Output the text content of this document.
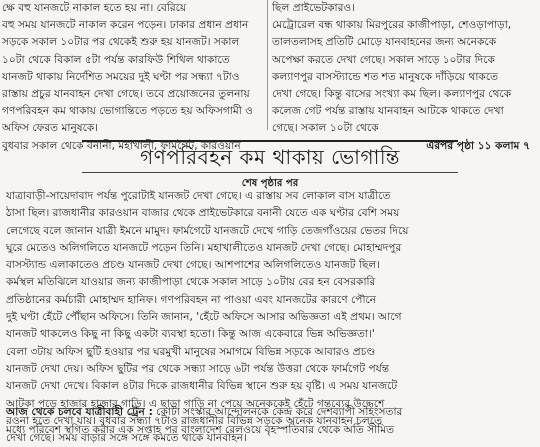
ক্ষে বহু যানজটে নাকাল হতে হয় না। বেরিয়ে

বহু সময় যানজটে নাকাল করেন পড়েন। ঢাকার প্রধান প্রধান

সড়কে সকাল ১০টার পর থেকেই শুরু হয় যানজট। সকাল

১০টা থেকে বিকাল ৫টা পর্যন্ত কারফিউ শিথিল থাকাতে

যানজট থাকায় নির্দেশিত সময়ের দুই ঘণ্টা পর সন্ধ্যা ৭টাও

রাস্তায় প্রচুর যানবাহন দেখা গেছে। তবে প্রয়োজনের তুলনায়

গণপরিবহন কম থাকায় ভোগান্তিতে পড়তে হয় অফিসগামী ও

অফিস ফেরত মানুষকে।

বুধবার সকাল থেকে বনানী, মহাখালী, ফার্মগেট, কারওয়ান

ছিল প্রাইভেটকারও।

মেট্রোরেল বন্ধ থাকায় মিরপুরের কাজীপাড়া, শেওড়াপাড়া,

তালতলাসহ প্রতিটি মোড়ে যানবাহনের জন্য অনেককে

অপেক্ষা করতে দেখা গেছে। সকাল সাড়ে ১০টার দিকে

কল্যাণপুর বাসস্ট্যান্ডে শত শত মানুষকে দাঁড়িয়ে থাকতে

দেখা গেছে। কিন্তু বাসের সংখ্যা কম ছিল। কল্যাণপুর থেকে

কলেজ গেট পর্যন্ত রাস্তায় যানবাহন আটকে থাকতে দেখা

গেছে। সকাল ১০টা থেকে

এরপর পৃষ্ঠা ১১ কলাম ৭

গণপরিবহন কম থাকায় ভোগান্তি
শেষ পৃষ্ঠার পর

যাত্রাবাড়ী-সায়েদাবাদ পর্যন্ত পুরোটাই যানজট দেখা গেছে। এ রাস্তায় সব লোকাল বাস যাত্রীতে

ঠাসা ছিল। রাজধানীর কারওয়ান বাজার থেকে প্রাইভেটকারে বনানী যেতে এক ঘণ্টার বেশি সময়

লেগেছে বলে জানান যাত্রী ইমনে মামুদ। ফার্মগেটে যানজটে দেখে গাড়ি তেজগাঁওয়ের ভেতর দিয়ে

ঘুরে মেতেও অলিগলিতে যানজটে পড়েন তিনি। মহাখালীতেও যানজট দেখা গেছে। মোহাম্মদপুর

বাসস্ট্যান্ড এলাকাতেও প্রচণ্ড যানজট দেখা গেছে। আশপাশের অলিগলিতেও যানজট ছিল।

কর্মস্থল মতিঝিলে যাওয়ার জন্য কাজীপাড়া থেকে সকাল সাড়ে ১০টায় বের হন বেসরকারি

প্রতিষ্ঠানের কর্মচারী মোহাম্মদ হানিফ। গণপরিবহন না পাওয়া এবং যানজটের কারণে পৌনে

দুই ঘণ্টা হেঁটে পৌঁছান অফিসে। তিনি জানান, 'হেঁটে অফিসে আসার অভিজ্ঞতা এই প্রথম। আগে

যানজট থাকলেও কিছু না কিছু একটা ব্যবস্থা হতো। কিন্তু আজ একেবারে ভিন্ন অভিজ্ঞতা।'

বেলা ৩টায় অফিস ছুটি হওয়ার পর ঘরমুখী মানুষের সমাগমে বিভিন্ন সড়কে আবারও প্রচণ্ড

যানজট দেখা দেয়। অফিস ছুটির পর থেকে সন্ধ্যা সাড়ে ৬টা পর্যন্ত উত্তরা থেকে ফার্মগেট পর্যন্ত

যানজট দেখা দেখে। বিকাল ৪টার দিকে রাজধানীর বিভিন্ন স্থানে শুরু হয় বৃষ্টি। এ সময় যানজটে

আটকা পড়ে হাজার হাজার গাড়ি। এ ছাড়া গাড়ি না পেয়ে অনেককেই হেঁটে গন্তব্যের উদ্দেশে

রওনা হতে দেখা যায়। বুধবার সন্ধ্যা ৭টাও রাজধানীর বিভিন্ন সড়কে অনেক যানবাহন চলতে

দেখা গেছে। সময় বাড়ার সঙ্গে সঙ্গে কমতে থাকে যানবাহন।

আজ থেকে চলবে যাত্রীবাহী ট্রেন : কোটা সংস্কার আন্দোলনকে কেন্দ্র করে দেশব্যাপী সহিংসতার

মধ্যে পরিবেশ স্থগিত করার এক সপ্তাহ পর বাংলাদেশ রেলওয়ে বৃহস্পতিবার থেকে অতি সীমিত
